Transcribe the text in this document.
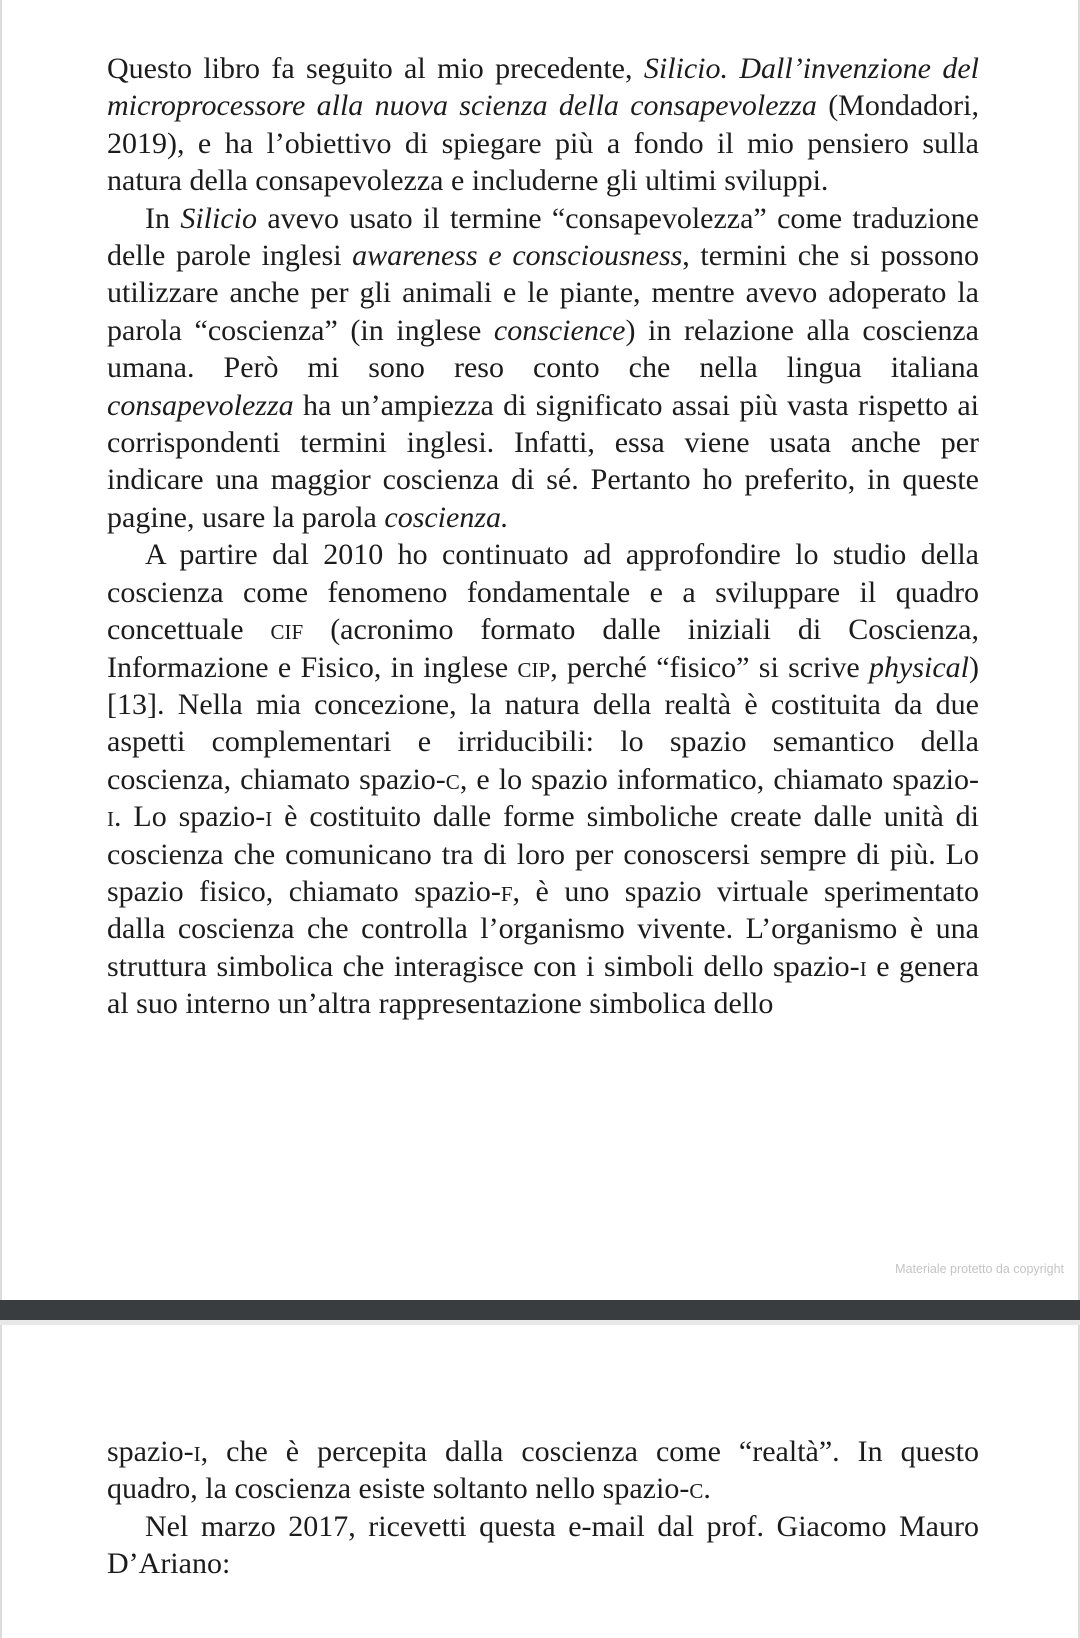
Questo libro fa seguito al mio precedente, Silicio. Dall’invenzione del microprocessore alla nuova scienza della consapevolezza (Mondadori, 2019), e ha l’obiettivo di spiegare più a fondo il mio pensiero sulla natura della consapevolezza e includerne gli ultimi sviluppi.

In Silicio avevo usato il termine “consapevolezza” come traduzione delle parole inglesi awareness e consciousness, termini che si possono utilizzare anche per gli animali e le piante, mentre avevo adoperato la parola “coscienza” (in inglese conscience) in relazione alla coscienza umana. Però mi sono reso conto che nella lingua italiana consapevolezza ha un’ampiezza di significato assai più vasta rispetto ai corrispondenti termini inglesi. Infatti, essa viene usata anche per indicare una maggior coscienza di sé. Pertanto ho preferito, in queste pagine, usare la parola coscienza.

A partire dal 2010 ho continuato ad approfondire lo studio della coscienza come fenomeno fondamentale e a sviluppare il quadro concettuale cif (acronimo formato dalle iniziali di Coscienza, Informazione e Fisico, in inglese cip, perché “fisico” si scrive physical) [13]. Nella mia concezione, la natura della realtà è costituita da due aspetti complementari e irriducibili: lo spazio semantico della coscienza, chiamato spazio-c, e lo spazio informatico, chiamato spazio-i. Lo spazio-i è costituito dalle forme simboliche create dalle unità di coscienza che comunicano tra di loro per conoscersi sempre di più. Lo spazio fisico, chiamato spazio-f, è uno spazio virtuale sperimentato dalla coscienza che controlla l’organismo vivente. L’organismo è una struttura simbolica che interagisce con i simboli dello spazio-i e genera al suo interno un’altra rappresentazione simbolica dello

Materiale protetto da copyright

spazio-i, che è percepita dalla coscienza come “realtà”. In questo quadro, la coscienza esiste soltanto nello spazio-c.

Nel marzo 2017, ricevetti questa e-mail dal prof. Giacomo Mauro D’Ariano:
